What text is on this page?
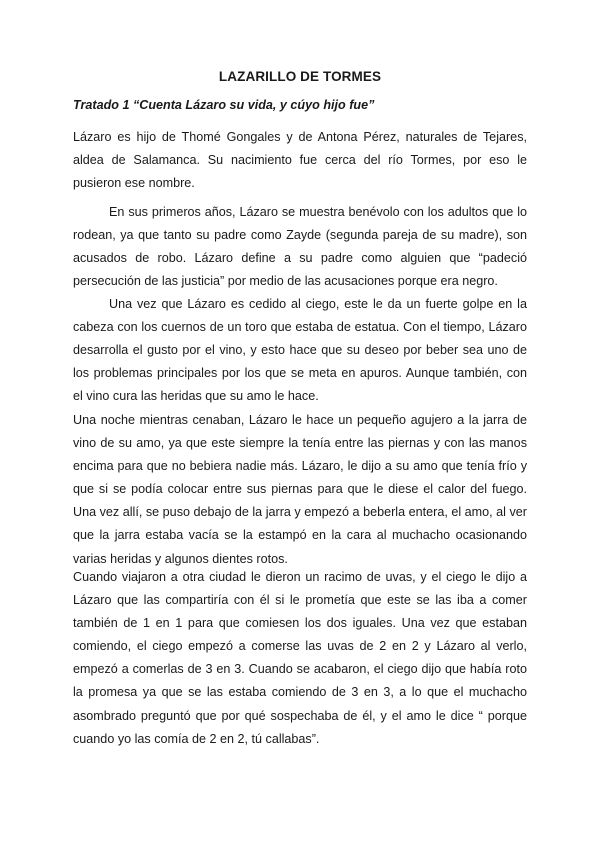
LAZARILLO DE TORMES
Tratado 1 “Cuenta Lázaro su vida, y cúyo hijo fue”

Lázaro es hijo de Thomé Gongales y de Antona Pérez, naturales de Tejares, aldea de Salamanca. Su nacimiento fue cerca del río Tormes, por eso le pusieron ese nombre.

En sus primeros años, Lázaro se muestra benévolo con los adultos que lo rodean, ya que tanto su padre como Zayde (segunda pareja de su madre), son acusados de robo. Lázaro define a su padre como alguien que “padeció persecución de las justicia” por medio de las acusaciones porque era negro.

Una vez que Lázaro es cedido al ciego, este le da un fuerte golpe en la cabeza con los cuernos de un toro que estaba de estatua. Con el tiempo, Lázaro desarrolla el gusto por el vino, y esto hace que su deseo por beber sea uno de los problemas principales por los que se meta en apuros. Aunque también, con el vino cura las heridas que su amo le hace.

Una noche mientras cenaban, Lázaro le hace un pequeño agujero a la jarra de vino de su amo, ya que este siempre la tenía entre las piernas y con las manos encima para que no bebiera nadie más. Lázaro, le dijo a su amo que tenía frío y que si se podía colocar entre sus piernas para que le diese el calor del fuego. Una vez allí, se puso debajo de la jarra y empezó a beberla entera, el amo, al ver que la jarra estaba vacía se la estampó en la cara al muchacho ocasionando varias heridas y algunos dientes rotos.

Cuando viajaron a otra ciudad le dieron un racimo de uvas, y el ciego le dijo a Lázaro que las compartiría con él si le prometía que este se las iba a comer también de 1 en 1 para que comiesen los dos iguales. Una vez que estaban comiendo, el ciego empezó a comerse las uvas de 2 en 2 y Lázaro al verlo, empezó a comerlas de 3 en 3. Cuando se acabaron, el ciego dijo que había roto la promesa ya que se las estaba comiendo de 3 en 3, a lo que el muchacho asombrado preguntó que por qué sospechaba de él, y el amo le dice “ porque cuando yo las comía de 2 en 2, tú callabas”.
